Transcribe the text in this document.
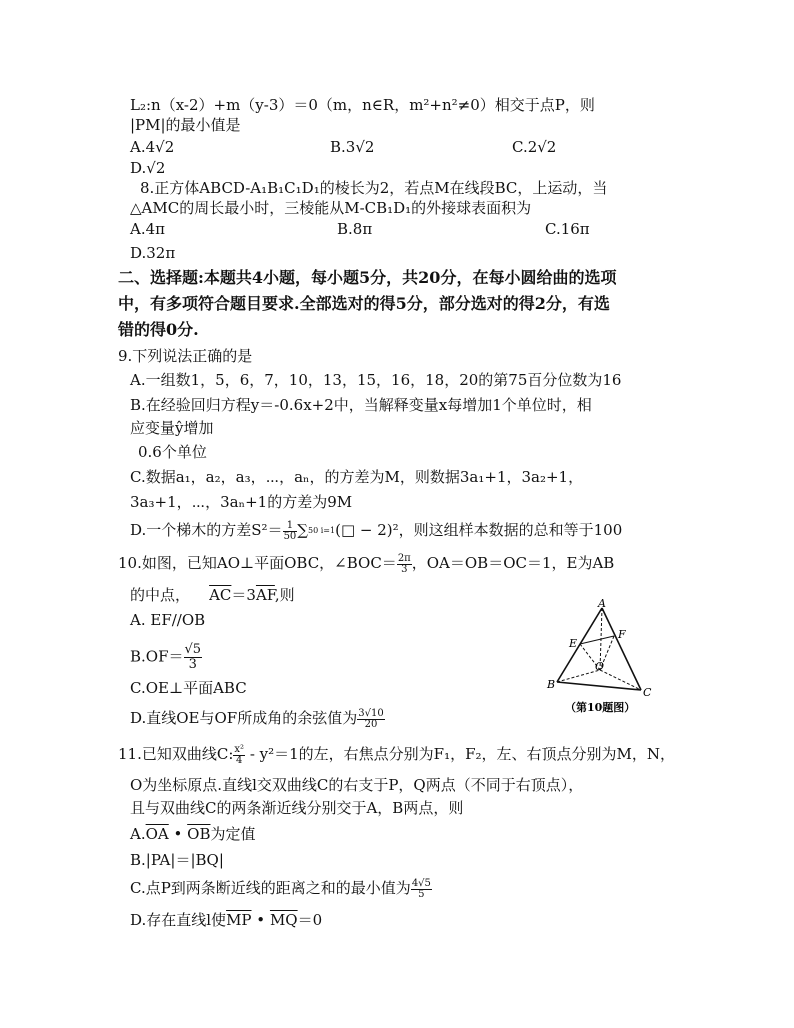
L₂:n（x-2）+m（y-3）＝0（m，n∈R，m²+n²≠0）相交于点P，则
|PM|的最小值是
A.4√2	B.3√2	C.2√2
D.√2
8.正方体ABCD-A₁B₁C₁D₁的棱长为2，若点M在线段BC，上运动，当
△AMC的周长最小时，三棱能从M-CB₁D₁的外接球表面积为
A.4π	B.8π	C.16π
D.32π
二、选择题:本题共4小题，每小题5分，共20分，在每小圆给曲的选项
中，有多项符合题目要求.全部选对的得5分，部分选对的得2分，有选
错的得0分.
9.下列说法正确的是
A.一组数1，5，6，7，10，13，15，16，18，20的第75百分位数为16
B.在经验回归方程y＝-0.6x+2中，当解释变量x每增加1个单位时，相
应变量ŷ增加
0.6个单位
C.数据a₁，a₂，a₃，⋯，aₙ，的方差为M，则数据3a₁+1，3a₂+1，
3a₃+1，⋯，3aₙ+1的方差为9M
D.一个梯木的方差$S^2= \frac{1}{50} \sum 50$ i=1(□ − 2)²，则这组样本数据的总和等于100
10.如图，已知AO⊥平面OBC，∠BOC＝ $\frac{2\pi}{3}$ ，OA＝OB＝OC＝1，E为AB
的中点， $\overline{AC}=3\overline{AF}$,则
A. EF//OB
$B.OF= \frac{√5}{3}$
C.OE⊥平面ABC
D.直线OE与OF所成角的余弦值为 $\frac{3√10}{20}$
A
E
F
O
B
C
（第10题图）
11.已知双曲线C: $\frac{\text{x²}}{4} - y^2=1$的左，右焦点分别为F₁，F₂，左、右顶点分别为M，N，
O为坐标原点.直线l交双曲线C的右支于P，Q两点（不同于右顶点），
且与双曲线C的两条渐近线分别交于A，B两点，则
$A.\overline{OA}$ • $\overline{OB}$为定值
B.|PA|＝|BQ|
C.点P到两条断近线的距离之和的最小值为 $\frac{4√5}{5}$
D.存在直线l使$\overline{MP}$ • $\overline{MQ}=0$
